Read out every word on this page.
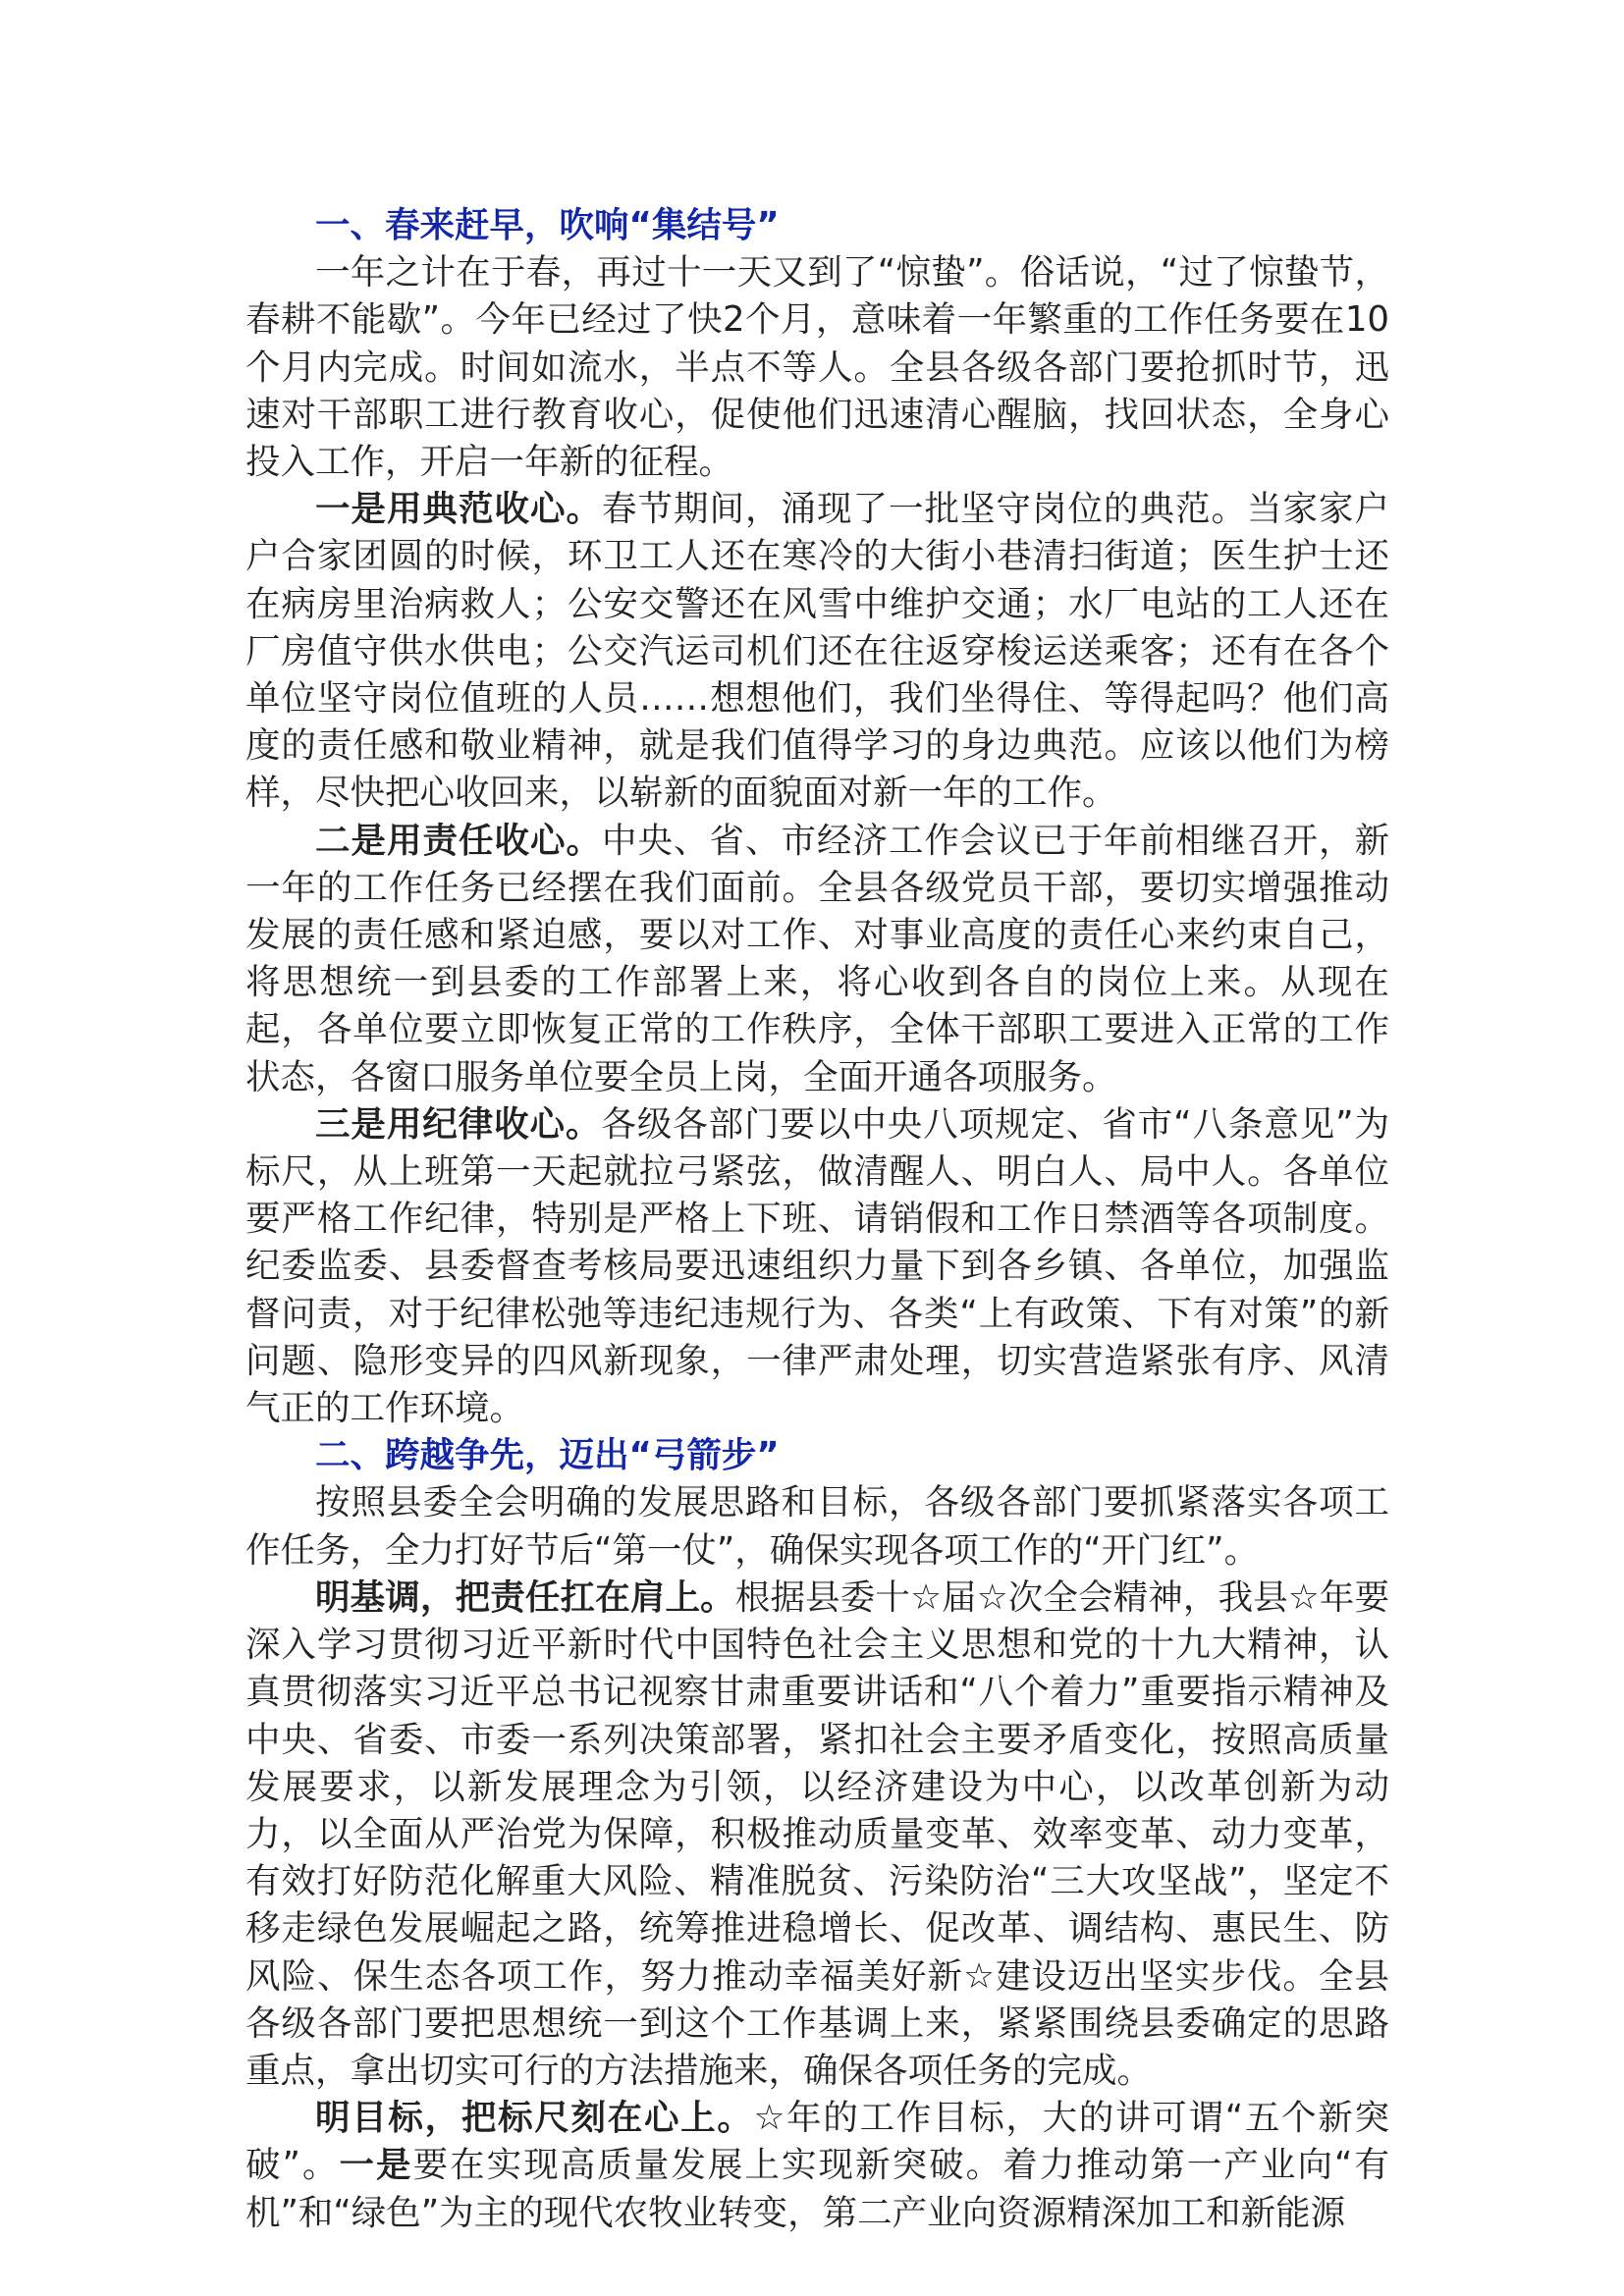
一、春来赶早，吹响“集结号”

一年之计在于春，再过十一天又到了“惊蛰”。俗话说，“过了惊蛰节，春耕不能歇”。今年已经过了快2个月，意味着一年繁重的工作任务要在10个月内完成。时间如流水，半点不等人。全县各级各部门要抢抓时节，迅速对干部职工进行教育收心，促使他们迅速清心醒脑，找回状态，全身心投入工作，开启一年新的征程。

一是用典范收心。春节期间，涌现了一批坚守岗位的典范。当家家户户合家团圆的时候，环卫工人还在寒冷的大街小巷清扫街道；医生护士还在病房里治病救人；公安交警还在风雪中维护交通；水厂电站的工人还在厂房值守供水供电；公交汽运司机们还在往返穿梭运送乘客；还有在各个单位坚守岗位值班的人员……想想他们，我们坐得住、等得起吗？他们高度的责任感和敬业精神，就是我们值得学习的身边典范。应该以他们为榜样，尽快把心收回来，以崭新的面貌面对新一年的工作。

二是用责任收心。中央、省、市经济工作会议已于年前相继召开，新一年的工作任务已经摆在我们面前。全县各级党员干部，要切实增强推动发展的责任感和紧迫感，要以对工作、对事业高度的责任心来约束自己，将思想统一到县委的工作部署上来，将心收到各自的岗位上来。从现在起，各单位要立即恢复正常的工作秩序，全体干部职工要进入正常的工作状态，各窗口服务单位要全员上岗，全面开通各项服务。

三是用纪律收心。各级各部门要以中央八项规定、省市“八条意见”为标尺，从上班第一天起就拉弓紧弦，做清醒人、明白人、局中人。各单位要严格工作纪律，特别是严格上下班、请销假和工作日禁酒等各项制度。纪委监委、县委督查考核局要迅速组织力量下到各乡镇、各单位，加强监督问责，对于纪律松弛等违纪违规行为、各类“上有政策、下有对策”的新问题、隐形变异的四风新现象，一律严肃处理，切实营造紧张有序、风清气正的工作环境。

二、跨越争先，迈出“弓箭步”

按照县委全会明确的发展思路和目标，各级各部门要抓紧落实各项工作任务，全力打好节后“第一仗”，确保实现各项工作的“开门红”。

明基调，把责任扛在肩上。根据县委十☆届☆次全会精神，我县☆年要深入学习贯彻习近平新时代中国特色社会主义思想和党的十九大精神，认真贯彻落实习近平总书记视察甘肃重要讲话和“八个着力”重要指示精神及中央、省委、市委一系列决策部署，紧扣社会主要矛盾变化，按照高质量发展要求，以新发展理念为引领，以经济建设为中心，以改革创新为动力，以全面从严治党为保障，积极推动质量变革、效率变革、动力变革，有效打好防范化解重大风险、精准脱贫、污染防治“三大攻坚战”，坚定不移走绿色发展崛起之路，统筹推进稳增长、促改革、调结构、惠民生、防风险、保生态各项工作，努力推动幸福美好新☆建设迈出坚实步伐。全县各级各部门要把思想统一到这个工作基调上来，紧紧围绕县委确定的思路重点，拿出切实可行的方法措施来，确保各项任务的完成。

明目标，把标尺刻在心上。☆年的工作目标，大的讲可谓“五个新突破”。一是要在实现高质量发展上实现新突破。着力推动第一产业向“有机”和“绿色”为主的现代农牧业转变，第二产业向资源精深加工和新能源
